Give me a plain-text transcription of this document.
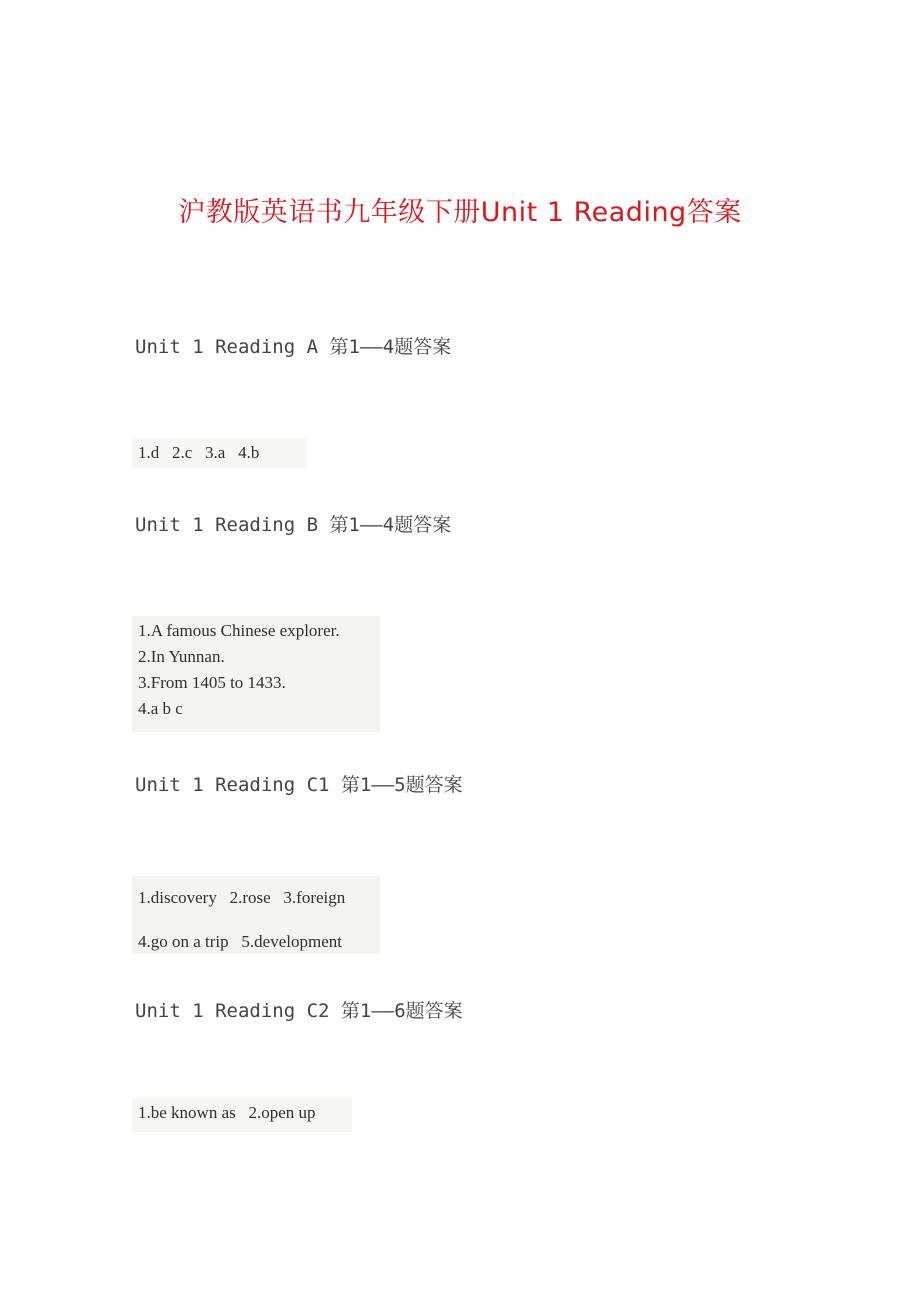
沪教版英语书九年级下册Unit 1 Reading答案
Unit 1 Reading A 第1——4题答案
1.d   2.c   3.a   4.b
Unit 1 Reading B 第1——4题答案
1.A famous Chinese explorer.
2.In Yunnan.
3.From 1405 to 1433.
4.a b c
Unit 1 Reading C1 第1——5题答案
1.discovery   2.rose   3.foreign
4.go on a trip   5.development
Unit 1 Reading C2 第1——6题答案
1.be known as   2.open up
